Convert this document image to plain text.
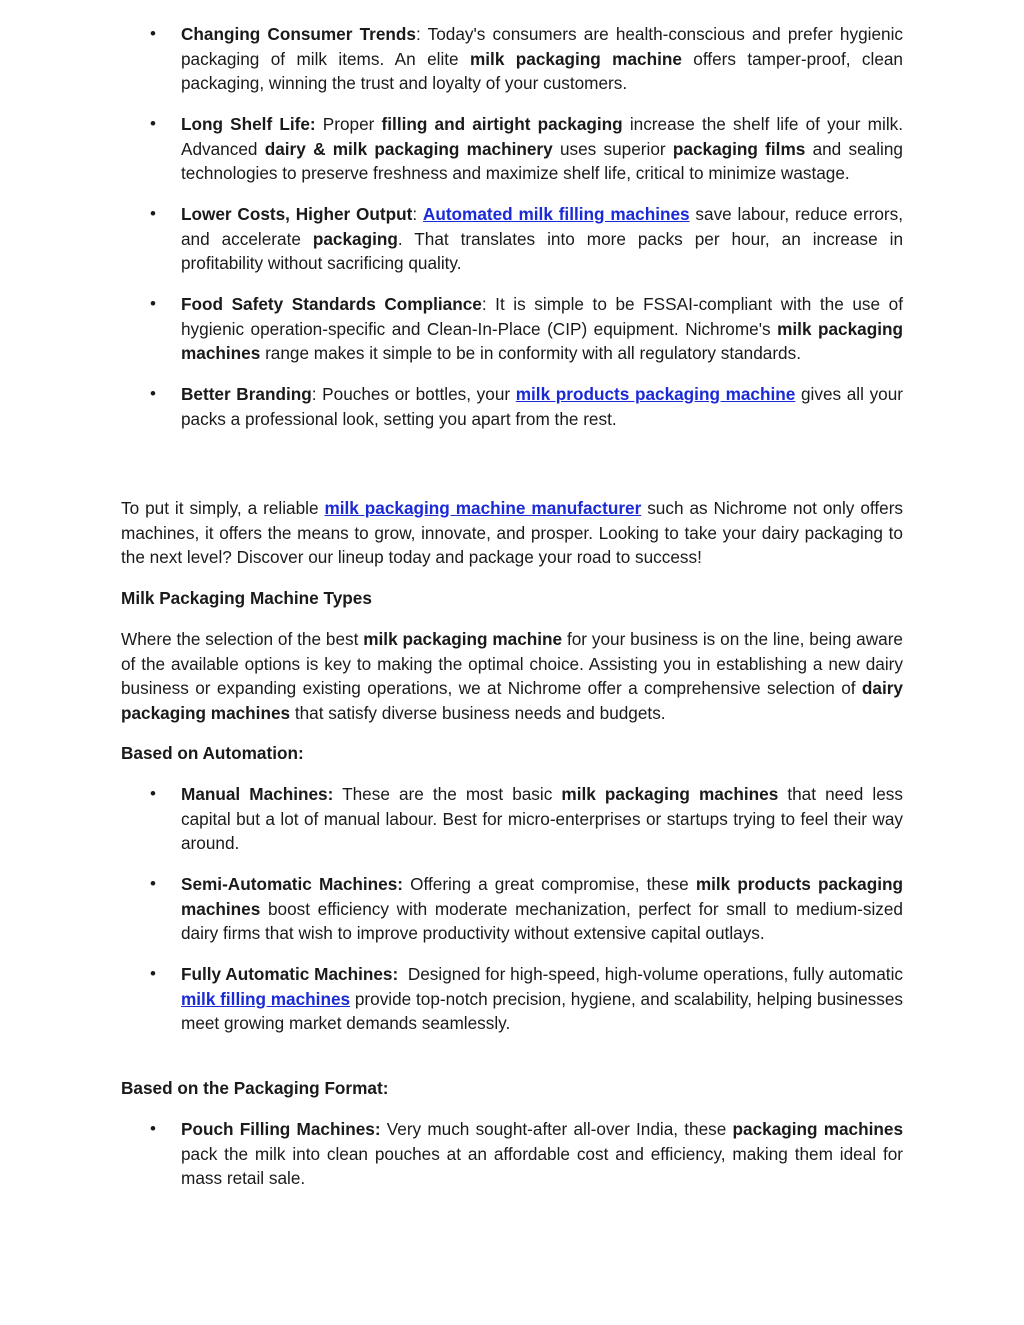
• Changing Consumer Trends: Today's consumers are health-conscious and prefer hygienic packaging of milk items. An elite milk packaging machine offers tamper-proof, clean packaging, winning the trust and loyalty of your customers.
• Long Shelf Life: Proper filling and airtight packaging increase the shelf life of your milk. Advanced dairy & milk packaging machinery uses superior packaging films and sealing technologies to preserve freshness and maximize shelf life, critical to minimize wastage.
• Lower Costs, Higher Output: Automated milk filling machines save labour, reduce errors, and accelerate packaging. That translates into more packs per hour, an increase in profitability without sacrificing quality.
• Food Safety Standards Compliance: It is simple to be FSSAI-compliant with the use of hygienic operation-specific and Clean-In-Place (CIP) equipment. Nichrome's milk packaging machines range makes it simple to be in conformity with all regulatory standards.
• Better Branding: Pouches or bottles, your milk products packaging machine gives all your packs a professional look, setting you apart from the rest.

To put it simply, a reliable milk packaging machine manufacturer such as Nichrome not only offers machines, it offers the means to grow, innovate, and prosper. Looking to take your dairy packaging to the next level? Discover our lineup today and package your road to success!

Milk Packaging Machine Types

Where the selection of the best milk packaging machine for your business is on the line, being aware of the available options is key to making the optimal choice. Assisting you in establishing a new dairy business or expanding existing operations, we at Nichrome offer a comprehensive selection of dairy packaging machines that satisfy diverse business needs and budgets.

Based on Automation:

• Manual Machines: These are the most basic milk packaging machines that need less capital but a lot of manual labour. Best for micro-enterprises or startups trying to feel their way around.
• Semi-Automatic Machines: Offering a great compromise, these milk products packaging machines boost efficiency with moderate mechanization, perfect for small to medium-sized dairy firms that wish to improve productivity without extensive capital outlays.
• Fully Automatic Machines:  Designed for high-speed, high-volume operations, fully automatic milk filling machines provide top-notch precision, hygiene, and scalability, helping businesses meet growing market demands seamlessly.

Based on the Packaging Format:

• Pouch Filling Machines: Very much sought-after all-over India, these packaging machines pack the milk into clean pouches at an affordable cost and efficiency, making them ideal for mass retail sale.
